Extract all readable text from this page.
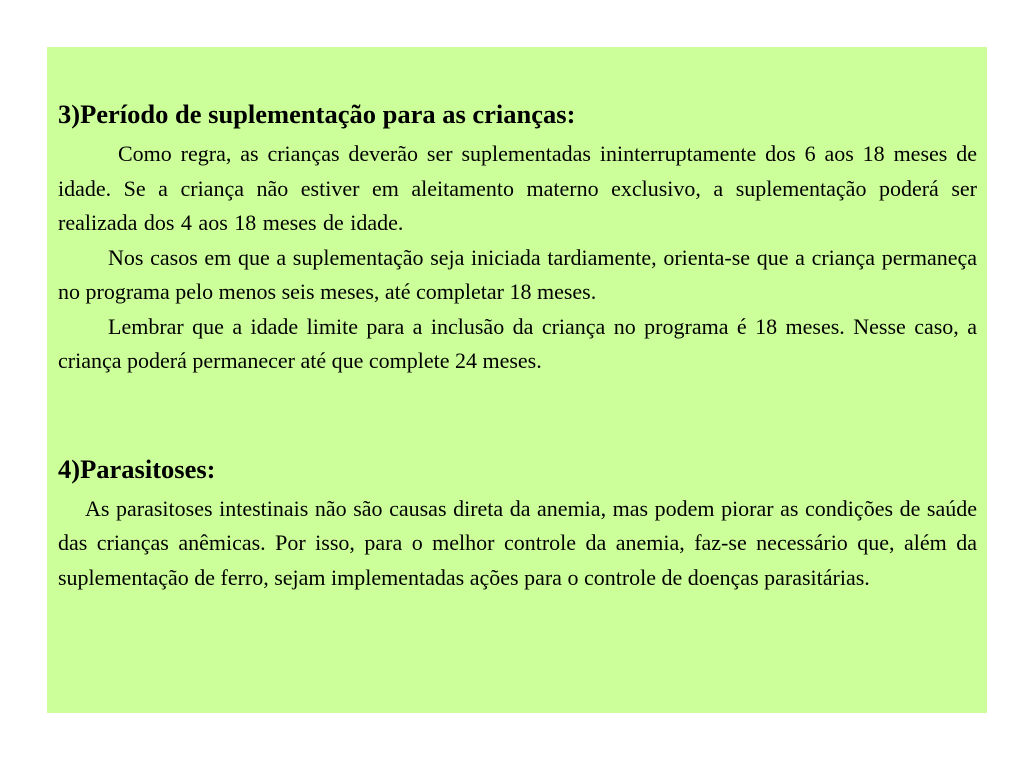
3)Período de suplementação para as crianças:

Como regra, as crianças deverão ser suplementadas ininterruptamente dos 6 aos 18 meses de idade. Se a criança não estiver em aleitamento materno exclusivo, a suplementação poderá ser realizada dos 4 aos 18 meses de idade.

Nos casos em que a suplementação seja iniciada tardiamente, orienta-se que a criança permaneça no programa pelo menos seis meses, até completar 18 meses.

Lembrar que a idade limite para a inclusão da criança no programa é 18 meses. Nesse caso, a criança poderá permanecer até que complete 24 meses.

4)Parasitoses:

As parasitoses intestinais não são causas direta da anemia, mas podem piorar as condições de saúde das crianças anêmicas. Por isso, para o melhor controle da anemia, faz-se necessário que, além da suplementação de ferro, sejam implementadas ações para o controle de doenças parasitárias.
